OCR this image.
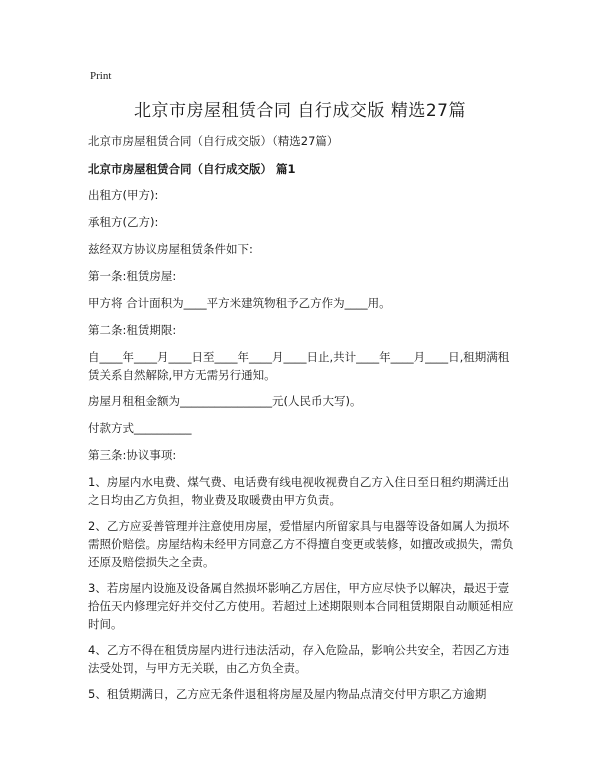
Print
北京市房屋租赁合同 自行成交版 精选27篇

北京市房屋租赁合同（自行成交版）（精选27篇）

北京市房屋租赁合同（自行成交版） 篇1

出租方(甲方):

承租方(乙方):

兹经双方协议房屋租赁条件如下:

第一条:租赁房屋:

甲方将 合计面积为____平方米建筑物租予乙方作为____用。

第二条:租赁期限:

自____年____月____日至____年____月____日止,共计____年____月____日,租期满租赁关系自然解除,甲方无需另行通知。

房屋月租租金额为________________元(人民币大写)。

付款方式__________

第三条:协议事项:

1、房屋内水电费、煤气费、电话费有线电视收视费自乙方入住日至日租约期满迁出之日均由乙方负担，物业费及取暖费由甲方负责。

2、乙方应妥善管理并注意使用房屋，爱惜屋内所留家具与电器等设备如属人为损坏需照价赔偿。房屋结构未经甲方同意乙方不得擅自变更或装修，如擅改或损失，需负还原及赔偿损失之全责。

3、若房屋内设施及设备属自然损坏影响乙方居住，甲方应尽快予以解决，最迟于壹拾伍天内修理完好并交付乙方使用。若超过上述期限则本合同租赁期限自动顺延相应时间。

4、乙方不得在租赁房屋内进行违法活动，存入危险品，影响公共安全，若因乙方违法受处罚，与甲方无关联，由乙方负全责。

5、租赁期满日，乙方应无条件退租将房屋及屋内物品点清交付甲方职乙方逾期
